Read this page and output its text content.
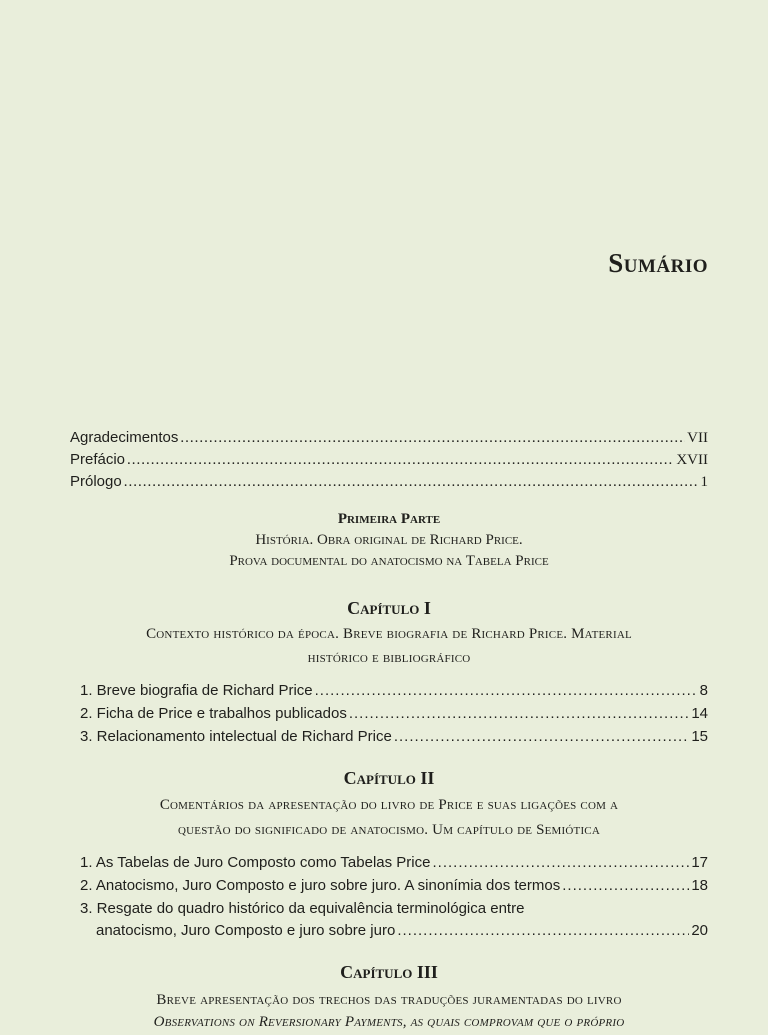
Sumário
Agradecimentos .....	VII
Prefácio .....	XVII
Prólogo .....	1
Primeira Parte
História. Obra original de Richard Price.
Prova documental do anatocismo na Tabela Price
Capítulo I
Contexto histórico da época. Breve biografia de Richard Price. Material
histórico e bibliográfico
1. Breve biografia de Richard Price .....	8
2. Ficha de Price e trabalhos publicados .....	14
3. Relacionamento intelectual de Richard Price .....	15
Capítulo II
Comentários da apresentação do livro de Price e suas ligações com a
questão do significado de anatocismo. Um capítulo de Semiótica
1. As Tabelas de Juro Composto como Tabelas Price .....	17
2. Anatocismo, Juro Composto e juro sobre juro. A sinonímia dos termos .....	18
3. Resgate do quadro histórico da equivalência terminológica entre
anatocismo, Juro Composto e juro sobre juro .....	20
Capítulo III
Breve apresentação dos trechos das traduções juramentadas do livro
Observations on Reversionary Payments, as quais comprovam que o próprio
